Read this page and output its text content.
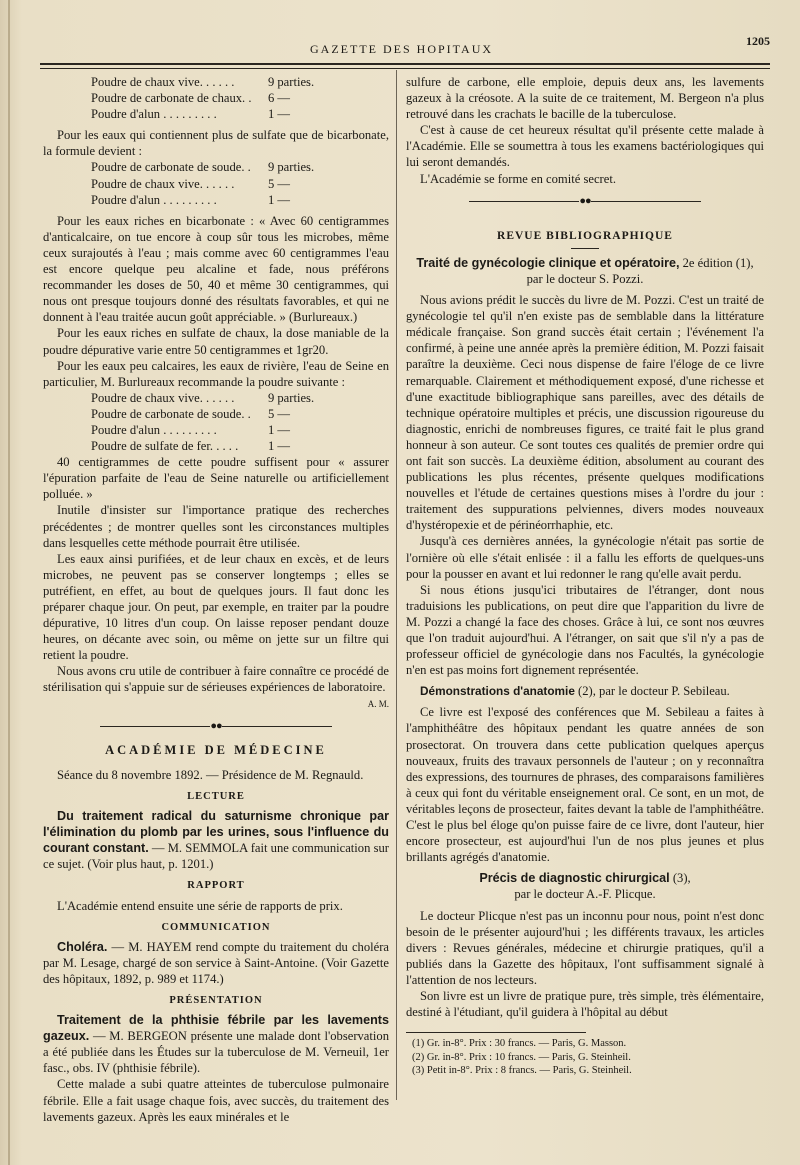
GAZETTE DES HOPITAUX
1205
Poudre de chaux vive. . . . . .	9 parties.
Poudre de carbonate de chaux. .	6 —
Poudre d'alun . . . . . . . . .	1 —

Pour les eaux qui contiennent plus de sulfate que de bicarbonate, la formule devient :

Poudre de carbonate de soude. .	9 parties.
Poudre de chaux vive. . . . . .	5 —
Poudre d'alun . . . . . . . . .	1 —

Pour les eaux riches en bicarbonate : « Avec 60 centigrammes d'anticalcaire, on tue encore à coup sûr tous les microbes, même ceux surajoutés à l'eau ; mais comme avec 60 centigrammes l'eau est encore quelque peu alcaline et fade, nous préférons recommander les doses de 50, 40 et même 30 centigrammes, qui nous ont presque toujours donné des résultats favorables, et qui ne donnent à l'eau traitée aucun goût appréciable. » (Burlureaux.)

Pour les eaux riches en sulfate de chaux, la dose maniable de la poudre dépurative varie entre 50 centigrammes et 1gr20.

Pour les eaux peu calcaires, les eaux de rivière, l'eau de Seine en particulier, M. Burlureaux recommande la poudre suivante :

Poudre de chaux vive. . . . . .	9 parties.
Poudre de carbonate de soude. .	5 —
Poudre d'alun . . . . . . . . .	1 —
Poudre de sulfate de fer. . . . .	1 —

40 centigrammes de cette poudre suffisent pour « assurer l'épuration parfaite de l'eau de Seine naturelle ou artificiellement polluée. »

Inutile d'insister sur l'importance pratique des recherches précédentes ; de montrer quelles sont les circonstances multiples dans lesquelles cette méthode pourrait être utilisée.

Les eaux ainsi purifiées, et de leur chaux en excès, et de leurs microbes, ne peuvent pas se conserver longtemps ; elles se putréfient, en effet, au bout de quelques jours. Il faut donc les préparer chaque jour. On peut, par exemple, en traiter par la poudre dépurative, 10 litres d'un coup. On laisse reposer pendant douze heures, on décante avec soin, ou même on jette sur un filtre qui retient la poudre.

Nous avons cru utile de contribuer à faire connaître ce procédé de stérilisation qui s'appuie sur de sérieuses expériences de laboratoire.

A. M.

●●
ACADÉMIE DE MÉDECINE

Séance du 8 novembre 1892. — Présidence de M. Regnauld.

LECTURE

Du traitement radical du saturnisme chronique par l'élimination du plomb par les urines, sous l'influence du courant constant. — M. SEMMOLA fait une communication sur ce sujet. (Voir plus haut, p. 1201.)

RAPPORT

L'Académie entend ensuite une série de rapports de prix.

COMMUNICATION

Choléra. — M. HAYEM rend compte du traitement du choléra par M. Lesage, chargé de son service à Saint-Antoine. (Voir Gazette des hôpitaux, 1892, p. 989 et 1174.)

PRÉSENTATION

Traitement de la phthisie fébrile par les lavements gazeux. — M. BERGEON présente une malade dont l'observation a été publiée dans les Études sur la tuberculose de M. Verneuil, 1er fasc., obs. IV (phthisie fébrile).

Cette malade a subi quatre atteintes de tuberculose pulmonaire fébrile. Elle a fait usage chaque fois, avec succès, du traitement des lavements gazeux. Après les eaux minérales et le

sulfure de carbone, elle emploie, depuis deux ans, les lavements gazeux à la créosote. A la suite de ce traitement, M. Bergeon n'a plus retrouvé dans les crachats le bacille de la tuberculose.

C'est à cause de cet heureux résultat qu'il présente cette malade à l'Académie. Elle se soumettra à tous les examens bactériologiques qui lui seront demandés.

L'Académie se forme en comité secret.

●●
REVUE BIBLIOGRAPHIQUE

Traité de gynécologie clinique et opératoire, 2e édition (1),

par le docteur S. Pozzi.

Nous avions prédit le succès du livre de M. Pozzi. C'est un traité de gynécologie tel qu'il n'en existe pas de semblable dans la littérature médicale française. Son grand succès était certain ; l'événement l'a confirmé, à peine une année après la première édition, M. Pozzi faisait paraître la deuxième. Ceci nous dispense de faire l'éloge de ce livre remarquable. Clairement et méthodiquement exposé, d'une richesse et d'une exactitude bibliographique sans pareilles, avec des détails de technique opératoire multiples et précis, une discussion rigoureuse du diagnostic, enrichi de nombreuses figures, ce traité fait le plus grand honneur à son auteur. Ce sont toutes ces qualités de premier ordre qui ont fait son succès. La deuxième édition, absolument au courant des publications les plus récentes, présente quelques modifications nouvelles et l'étude de certaines questions mises à l'ordre du jour : traitement des suppurations pelviennes, divers modes nouveaux d'hystéropexie et de périnéorrhaphie, etc.

Jusqu'à ces dernières années, la gynécologie n'était pas sortie de l'ornière où elle s'était enlisée : il a fallu les efforts de quelques-uns pour la pousser en avant et lui redonner le rang qu'elle avait perdu.

Si nous étions jusqu'ici tributaires de l'étranger, dont nous traduisions les publications, on peut dire que l'apparition du livre de M. Pozzi a changé la face des choses. Grâce à lui, ce sont nos œuvres que l'on traduit aujourd'hui. A l'étranger, on sait que s'il n'y a pas de professeur officiel de gynécologie dans nos Facultés, la gynécologie n'en est pas moins fort dignement représentée.

Démonstrations d'anatomie (2), par le docteur P. Sebileau.

Ce livre est l'exposé des conférences que M. Sebileau a faites à l'amphithéâtre des hôpitaux pendant les quatre années de son prosectorat. On trouvera dans cette publication quelques aperçus nouveaux, fruits des travaux personnels de l'auteur ; on y reconnaîtra des expressions, des tournures de phrases, des comparaisons familières à ceux qui font du véritable enseignement oral. Ce sont, en un mot, de véritables leçons de prosecteur, faites devant la table de l'amphithéâtre. C'est le plus bel éloge qu'on puisse faire de ce livre, dont l'auteur, hier encore prosecteur, est aujourd'hui l'un de nos plus jeunes et plus brillants agrégés d'anatomie.

Précis de diagnostic chirurgical (3),

par le docteur A.-F. Plicque.

Le docteur Plicque n'est pas un inconnu pour nous, point n'est donc besoin de le présenter aujourd'hui ; les différents travaux, les articles divers : Revues générales, médecine et chirurgie pratiques, qu'il a publiés dans la Gazette des hôpitaux, l'ont suffisamment signalé à l'attention de nos lecteurs.

Son livre est un livre de pratique pure, très simple, très élémentaire, destiné à l'étudiant, qu'il guidera à l'hôpital au début

(1) Gr. in-8°. Prix : 30 francs. — Paris, G. Masson.

(2) Gr. in-8°. Prix : 10 francs. — Paris, G. Steinheil.

(3) Petit in-8°. Prix : 8 francs. — Paris, G. Steinheil.
